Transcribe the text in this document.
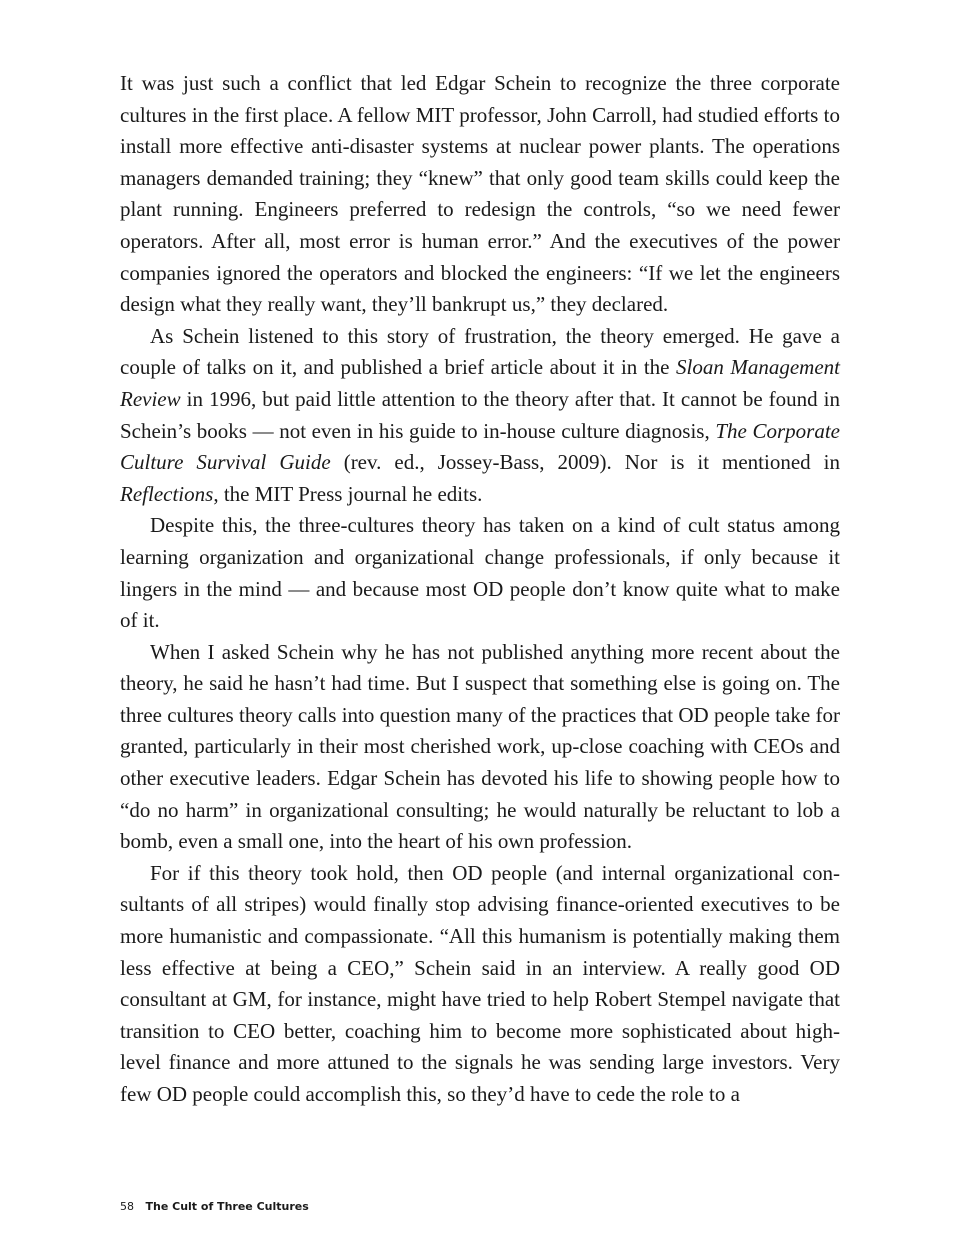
It was just such a conflict that led Edgar Schein to recognize the three corporate cultures in the first place. A fellow MIT professor, John Carroll, had studied efforts to install more effective anti-disaster systems at nuclear power plants. The operations managers demanded training; they “knew” that only good team skills could keep the plant running. Engineers preferred to redesign the controls, “so we need fewer operators. After all, most error is human error.” And the executives of the power companies ignored the operators and blocked the engineers: “If we let the engineers design what they really want, they’ll bankrupt us,” they declared.

As Schein listened to this story of frustration, the theory emerged. He gave a couple of talks on it, and published a brief article about it in the Sloan Management Review in 1996, but paid little attention to the theory after that. It cannot be found in Schein’s books — not even in his guide to in-house culture diagnosis, The Corporate Culture Survival Guide (rev. ed., Jossey-Bass, 2009). Nor is it mentioned in Reflections, the MIT Press journal he edits.

Despite this, the three-cultures theory has taken on a kind of cult status among learning organization and organizational change professionals, if only because it lingers in the mind — and because most OD people don’t know quite what to make of it.

When I asked Schein why he has not published anything more recent about the theory, he said he hasn’t had time. But I suspect that something else is going on. The three cultures theory calls into question many of the practices that OD people take for granted, particularly in their most cherished work, up-close coaching with CEOs and other executive leaders. Edgar Schein has devoted his life to showing people how to “do no harm” in organizational consulting; he would naturally be reluctant to lob a bomb, even a small one, into the heart of his own profession.

For if this theory took hold, then OD people (and internal organizational consultants of all stripes) would finally stop advising finance-oriented executives to be more humanistic and compassionate. “All this humanism is potentially making them less effective at being a CEO,” Schein said in an interview. A really good OD consultant at GM, for instance, might have tried to help Robert Stempel navigate that transition to CEO better, coaching him to become more sophisticated about high-level finance and more attuned to the signals he was sending large investors. Very few OD people could accomplish this, so they’d have to cede the role to a

58 The Cult of Three Cultures
